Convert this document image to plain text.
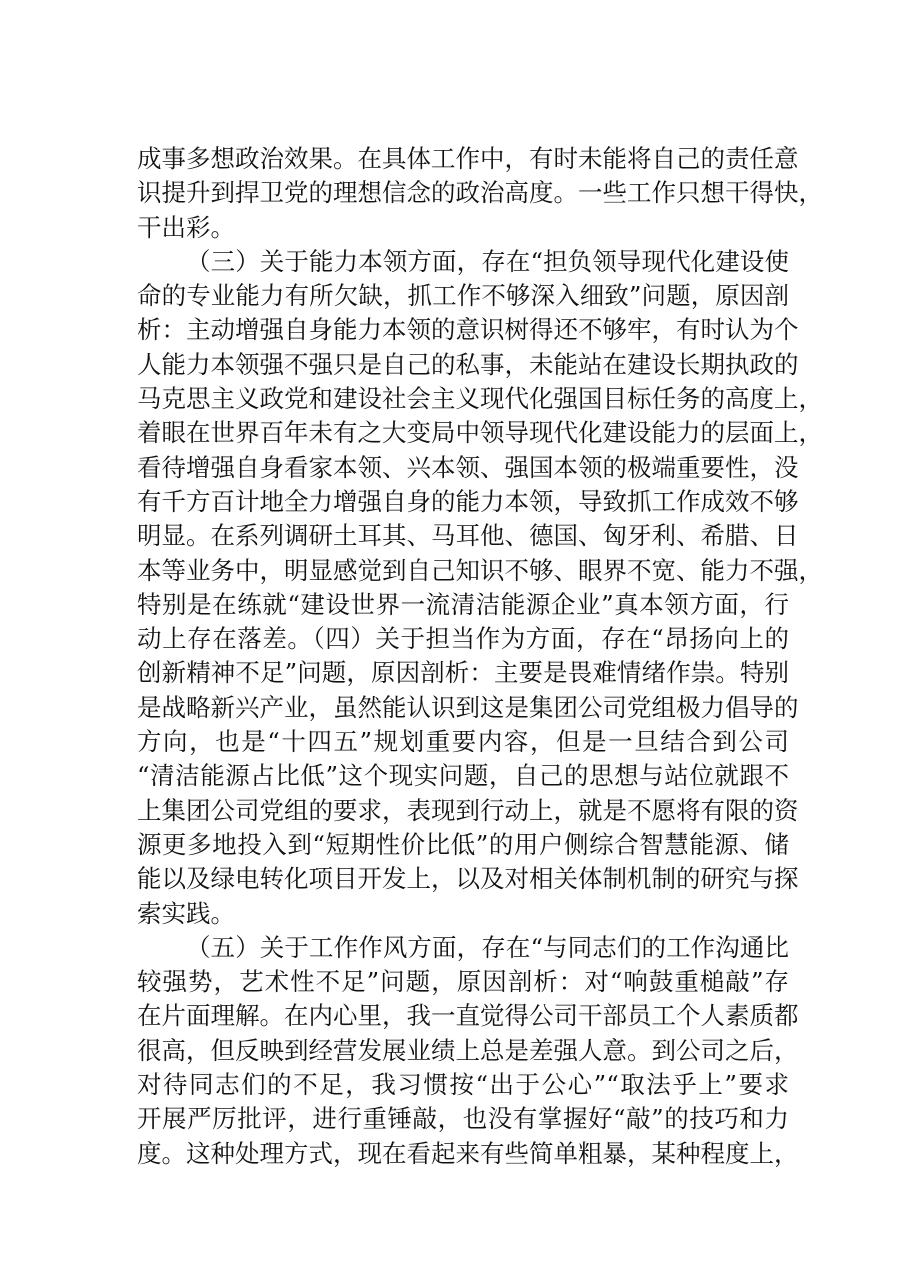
成事多想政治效果。在具体工作中，有时未能将自己的责任意
识提升到捍卫党的理想信念的政治高度。一些工作只想干得快，
干出彩。
（三）关于能力本领方面，存在“担负领导现代化建设使
命的专业能力有所欠缺，抓工作不够深入细致”问题，原因剖
析：主动增强自身能力本领的意识树得还不够牢，有时认为个
人能力本领强不强只是自己的私事，未能站在建设长期执政的
马克思主义政党和建设社会主义现代化强国目标任务的高度上，
着眼在世界百年未有之大变局中领导现代化建设能力的层面上，
看待增强自身看家本领、兴本领、强国本领的极端重要性，没
有千方百计地全力增强自身的能力本领，导致抓工作成效不够
明显。在系列调研土耳其、马耳他、德国、匈牙利、希腊、日
本等业务中，明显感觉到自己知识不够、眼界不宽、能力不强，
特别是在练就“建设世界一流清洁能源企业”真本领方面，行
动上存在落差。（四）关于担当作为方面，存在“昂扬向上的
创新精神不足”问题，原因剖析：主要是畏难情绪作祟。特别
是战略新兴产业，虽然能认识到这是集团公司党组极力倡导的
方向，也是“十四五”规划重要内容，但是一旦结合到公司
“清洁能源占比低”这个现实问题，自己的思想与站位就跟不
上集团公司党组的要求，表现到行动上，就是不愿将有限的资
源更多地投入到“短期性价比低”的用户侧综合智慧能源、储
能以及绿电转化项目开发上，以及对相关体制机制的研究与探
索实践。
（五）关于工作作风方面，存在“与同志们的工作沟通比
较强势，艺术性不足”问题，原因剖析：对“响鼓重槌敲”存
在片面理解。在内心里，我一直觉得公司干部员工个人素质都
很高，但反映到经营发展业绩上总是差强人意。到公司之后，
对待同志们的不足，我习惯按“出于公心”“取法乎上”要求
开展严厉批评，进行重锤敲，也没有掌握好“敲”的技巧和力
度。这种处理方式，现在看起来有些简单粗暴，某种程度上，
